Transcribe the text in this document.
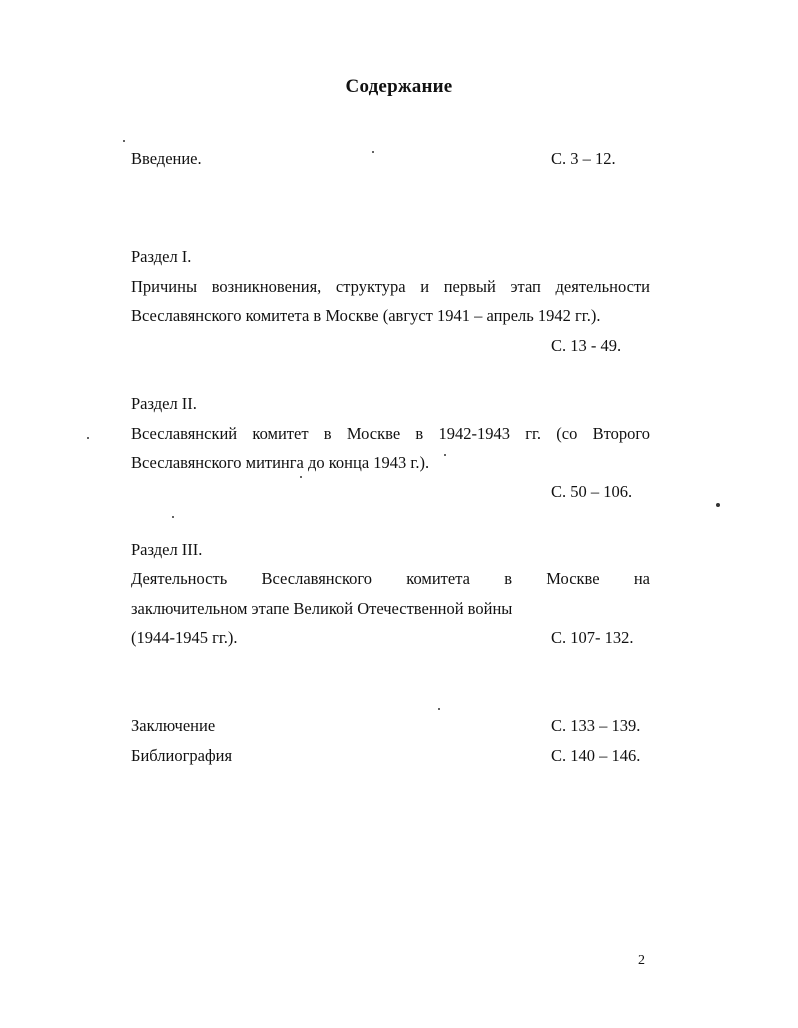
Содержание
Введение.	С. 3 – 12.
Раздел I.
Причины возникновения, структура и первый этап деятельности
Всеславянского комитета в Москве (август 1941 – апрель 1942 гг.).
С. 13 - 49.
Раздел II.
Всеславянский комитет в Москве в 1942-1943 гг. (со Второго
Всеславянского митинга до конца 1943 г.).
С. 50 – 106.
Раздел III.
Деятельность Всеславянского комитета в Москве на
заключительном этапе Великой Отечественной войны
(1944-1945 гг.).	С. 107- 132.
Заключение	С. 133 – 139.
Библиография	С. 140 – 146.
2
